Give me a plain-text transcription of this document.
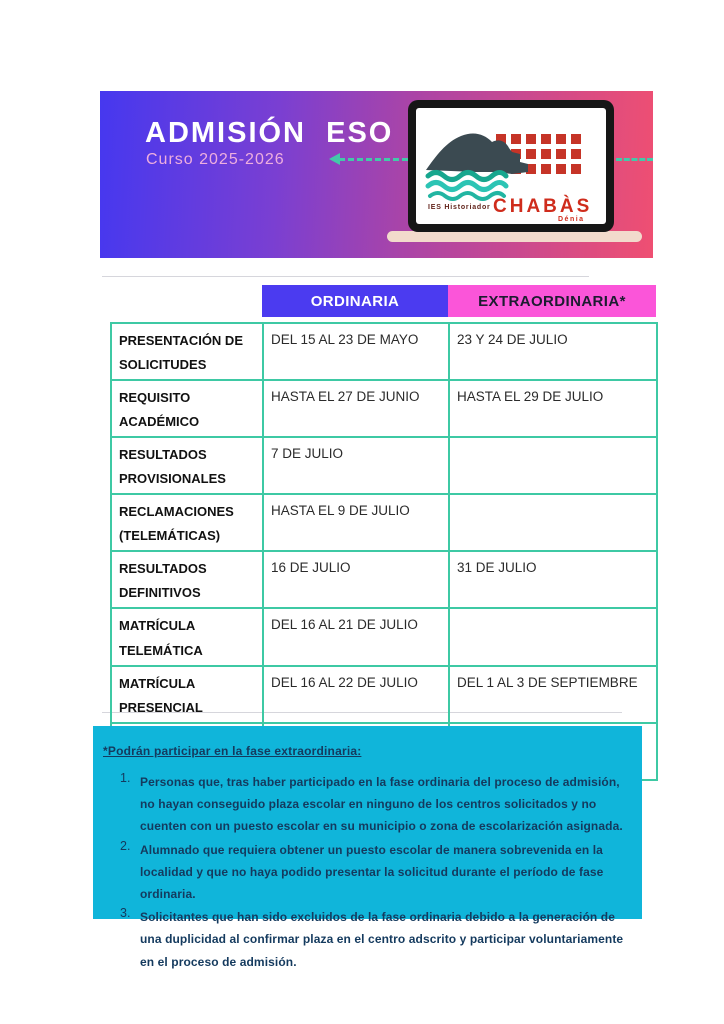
ADMISIÓN  ESO
Curso 2025-2026
IES Historiador CHABÀS
Dénia
ORDINARIA	EXTRAORDINARIA*
PRESENTACIÓN DE SOLICITUDES	DEL 15 AL 23 DE MAYO	23 Y 24 DE JULIO
REQUISITO ACADÉMICO	HASTA EL 27 DE JUNIO	HASTA EL 29 DE JULIO
RESULTADOS PROVISIONALES	7 DE JULIO	
RECLAMACIONES (TELEMÁTICAS)	HASTA EL 9 DE JULIO	
RESULTADOS DEFINITIVOS	16 DE JULIO	31 DE JULIO
MATRÍCULA TELEMÁTICA	DEL 16 AL 21 DE JULIO	
MATRÍCULA PRESENCIAL	DEL 16 AL 22 DE JULIO	DEL 1 AL 3 DE SEPTIEMBRE

*Podrán participar en la fase extraordinaria:
1. Personas que, tras haber participado en la fase ordinaria del proceso de admisión, no hayan conseguido plaza escolar en ninguno de los centros solicitados y no cuenten con un puesto escolar en su municipio o zona de escolarización asignada.
2. Alumnado que requiera obtener un puesto escolar de manera sobrevenida en la localidad y que no haya podido presentar la solicitud durante el período de fase ordinaria.
3. Solicitantes que han sido excluidos de la fase ordinaria debido a la generación de una duplicidad al confirmar plaza en el centro adscrito y participar voluntariamente en el proceso de admisión.
